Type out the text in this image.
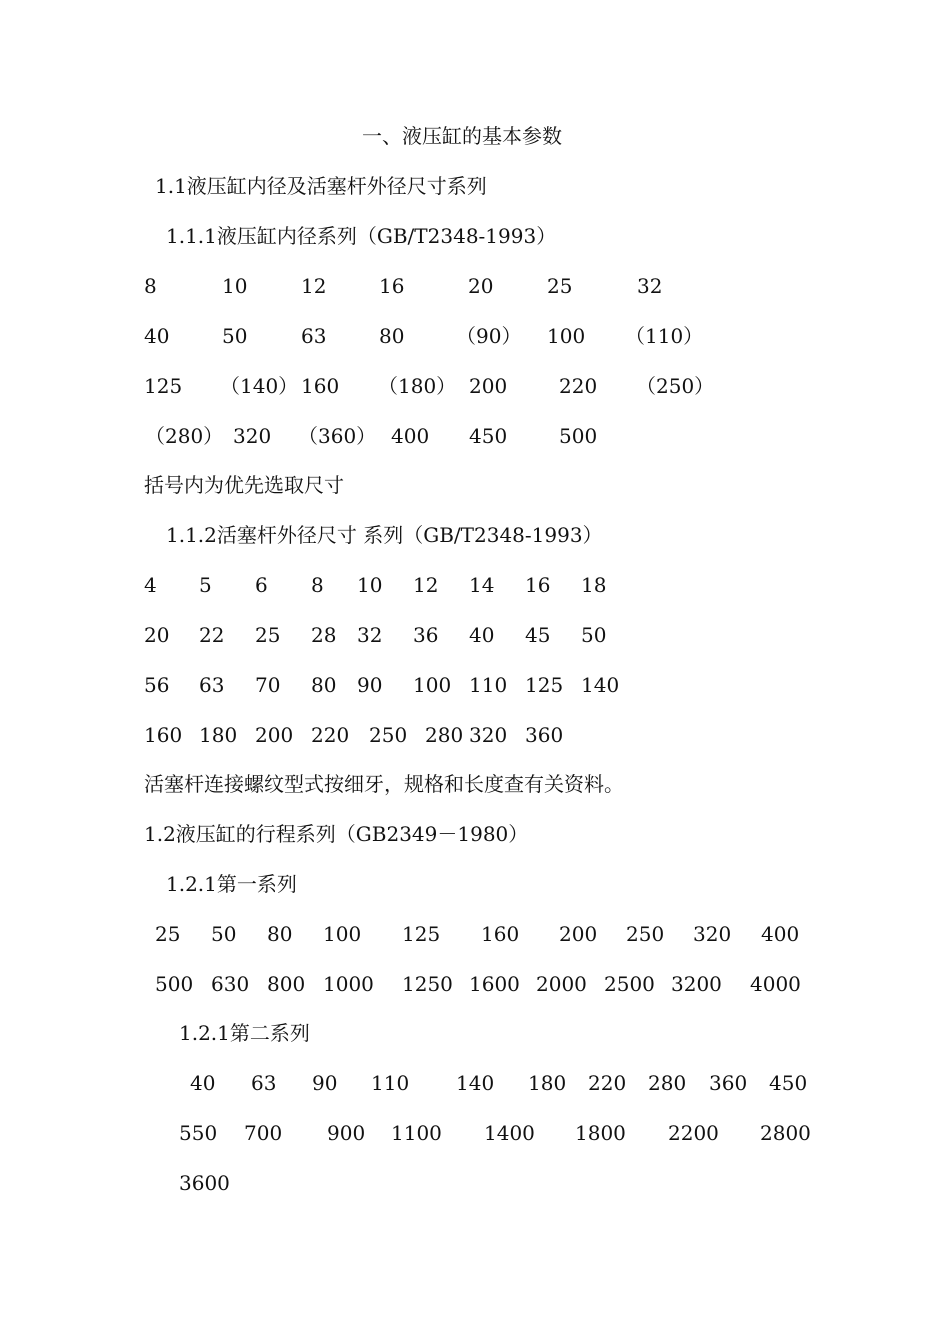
一、液压缸的基本参数
1.1液压缸内径及活塞杆外径尺寸系列
1.1.1液压缸内径系列（GB/T2348-1993）
8	10	12	16	20	25	32
40	50	63	80	（90） 100 （110）
125 （140） 160 （180） 200	220 （250）
（280） 320 （360） 400 450	500
括号内为优先选取尺寸
1.1.2活塞杆外径尺寸 系列（GB/T2348-1993）
4 5 6 8 10 12 14 16 18
20 22 25 28 32 36 40 45 50
56 63 70 80 90 100 110 125 140
160 180 200 220 250 280 320 360
活塞杆连接螺纹型式按细牙，规格和长度查有关资料。
1.2液压缸的行程系列（GB2349－1980）
1.2.1第一系列
25 50 80 100 125 160 200 250 320 400
500 630 800 1000 1250 1600 2000 2500 3200 4000
1.2.1第二系列
40 63 90 110 140 180 220 280 360 450
550 700 900 1100 1400 1800 2200 2800
3600
